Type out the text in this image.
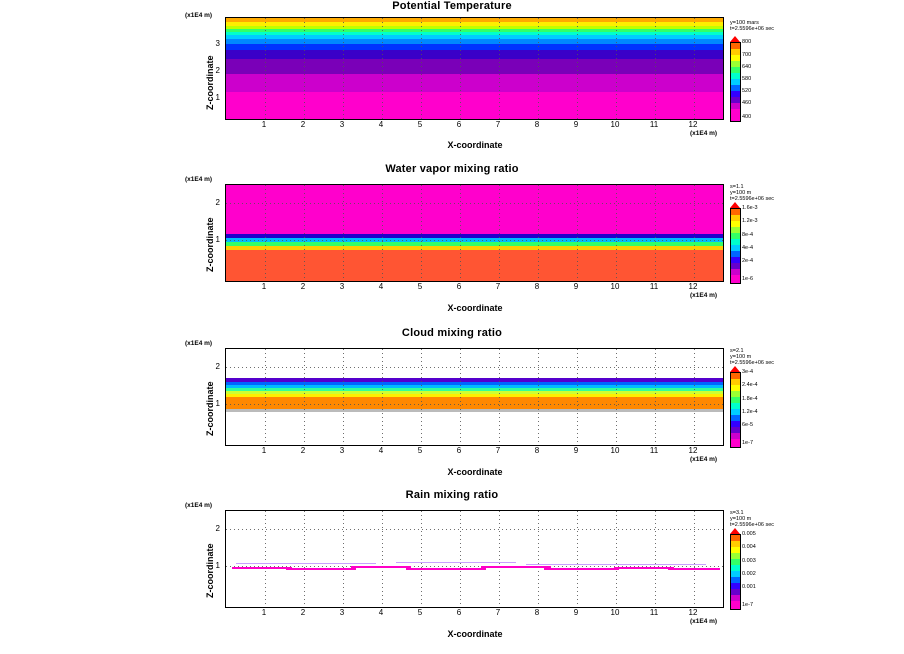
Potential Temperature
(x1E4 m)
Z-coordinate
3
2
1
1	2	3	4	5	6	7	8	9	10	11	12
(x1E4 m)
X-coordinate
y=100 mars
t=2.5596e+06 sec
800
700
640
580
520
460
400
Water vapor mixing ratio
(x1E4 m)
Z-coordinate
2
1
1	2	3	4	5	6	7	8	9	10	11	12
(x1E4 m)
X-coordinate
s=1.1
y=100 m
t=2.5596e+06 sec
1.6e-3
1.2e-3
8e-4
4e-4
2e-4
1e-6
Cloud mixing ratio
(x1E4 m)
Z-coordinate
2
1
1	2	3	4	5	6	7	8	9	10	11	12
(x1E4 m)
X-coordinate
s=2.1
y=100 m
t=2.5596e+06 sec
3e-4
2.4e-4
1.8e-4
1.2e-4
6e-5
1e-7
Rain mixing ratio
(x1E4 m)
Z-coordinate
2
1
1	2	3	4	5	6	7	8	9	10	11	12
(x1E4 m)
X-coordinate
s=3.1
y=100 m
t=2.5596e+06 sec
0.005
0.004
0.003
0.002
0.001
1e-7
